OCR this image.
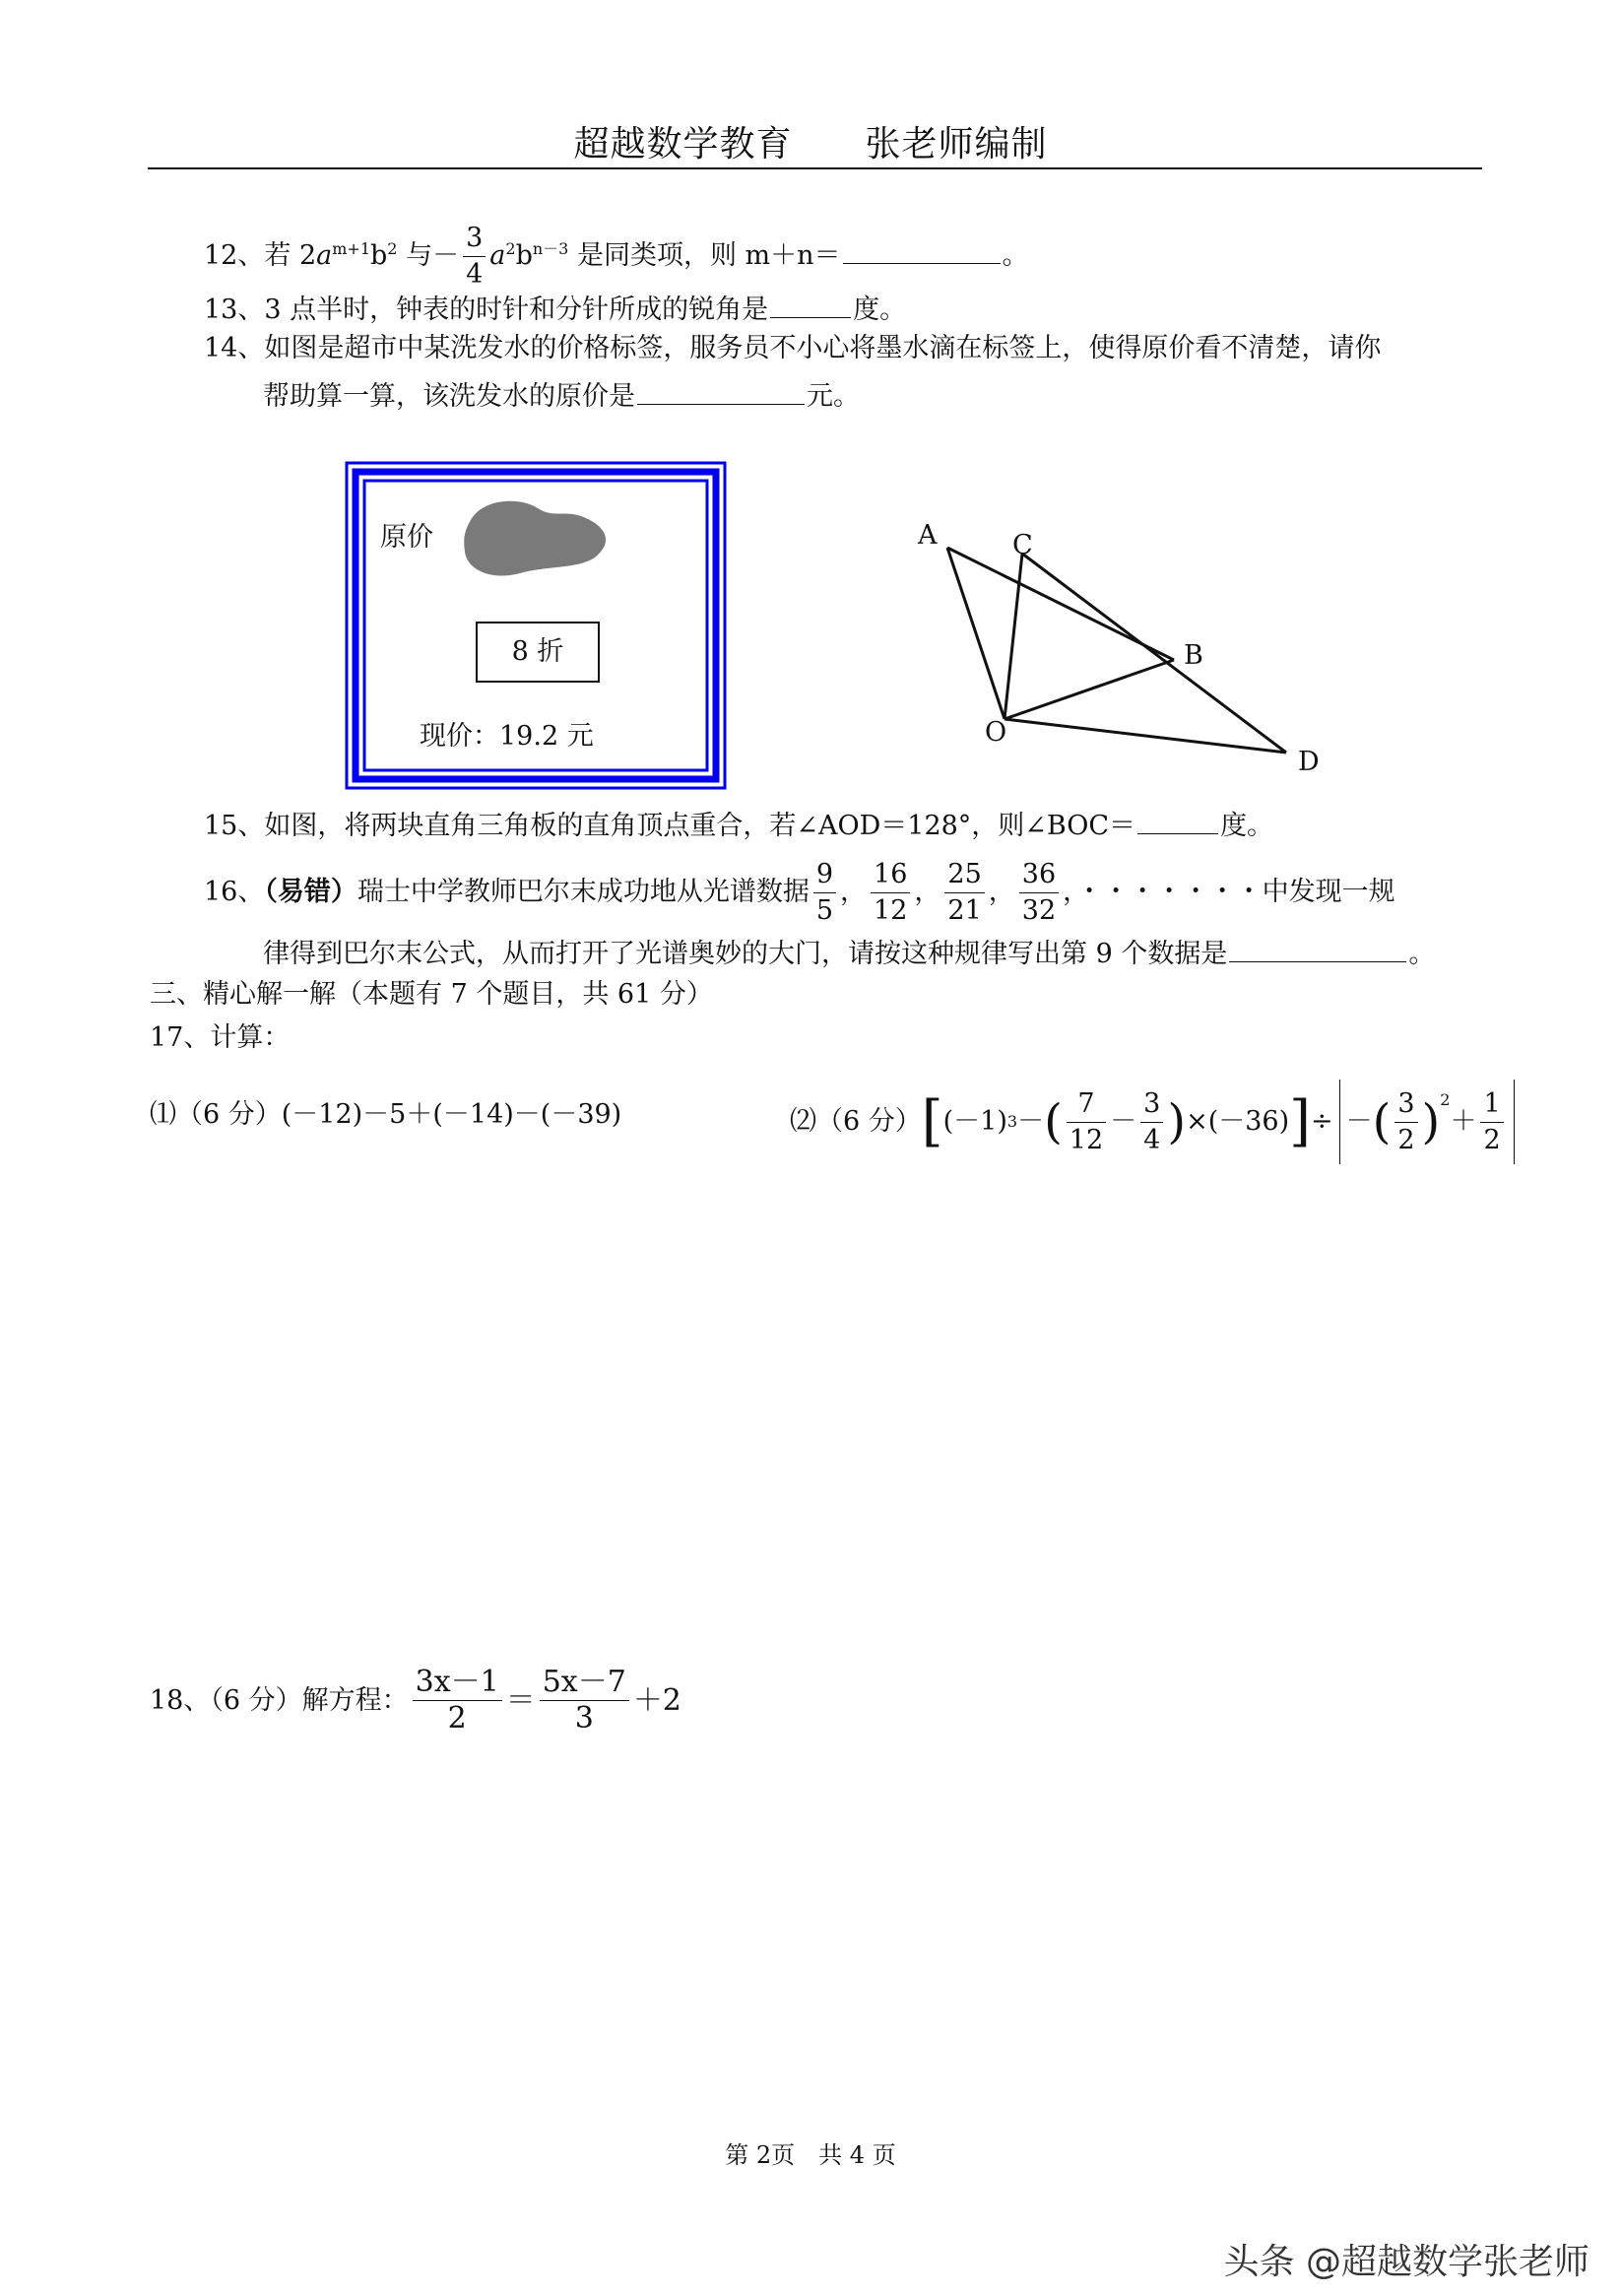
超越数学教育　　张老师编制
12、若 $2a^{m+1}b^2$ 与－ $\frac{3}{4} a^2b^{n-3}$ 是同类项，则 m＋n＝	。
13、3 点半时，钟表的时针和分针所成的锐角是	度。
14、如图是超市中某洗发水的价格标签，服务员不小心将墨水滴在标签上，使得原价看不清楚，请你
帮助算一算，该洗发水的原价是	元。
原价
8 折
现价：19.2 元
A	C
B
O
D
15、如图，将两块直角三角板的直角顶点重合，若∠AOD＝128°，则∠BOC＝	度。
16、（易错）瑞士中学教师巴尔末成功地从光谱数据 $\frac{9}{5}$ ， $\frac{16}{12}$ ， $\frac{25}{21}$ ， $\frac{36}{32}$ ，・・・・・・・中发现一规
律得到巴尔末公式，从而打开了光谱奥妙的大门，请按这种规律写出第 9 个数据是	。
三、精心解一解（本题有 7 个题目，共 61 分）
17、计算：
⑴（6 分）(－12)－5＋(－14)－(－39)	⑵（6 分） [ (－1) 3 － ( $\frac{7}{12} - \frac{3}{4}$ ) ×(－36) ] ÷ － ( $\frac{3}{2} )^2$
＋ $\frac{1}{2}$
18、（6 分）解方程： $\frac{3x-1}{2} = \frac{5x-7}{3} +2$
第 2页　共 4 页
头条 @超越数学张老师
